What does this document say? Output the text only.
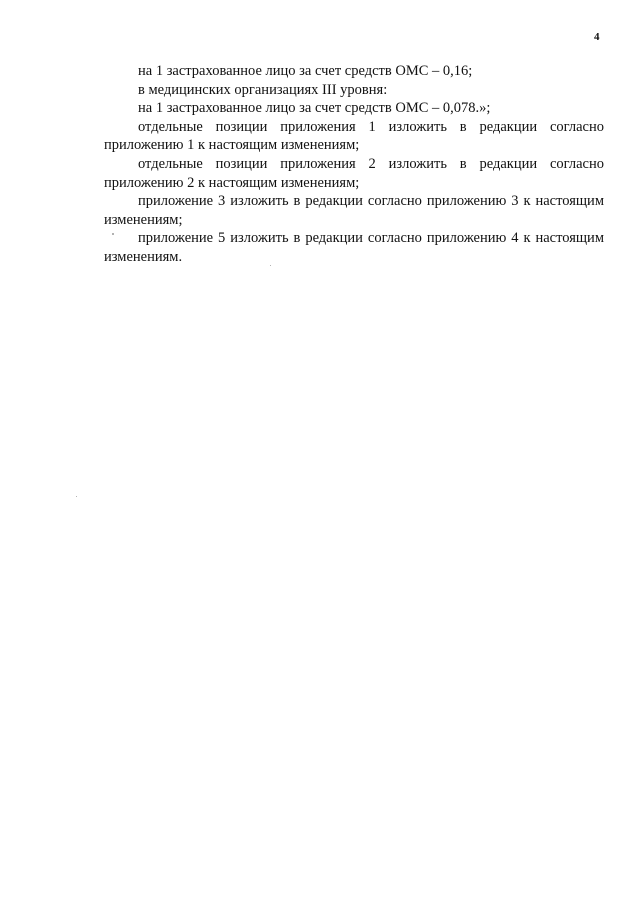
4

на 1 застрахованное лицо за счет средств ОМС – 0,16;

в медицинских организациях III уровня:

на 1 застрахованное лицо за счет средств ОМС – 0,078.»;

отдельные позиции приложения 1 изложить в редакции согласно приложению 1 к настоящим изменениям;

отдельные позиции приложения 2 изложить в редакции согласно приложению 2 к настоящим изменениям;

приложение 3 изложить в редакции согласно приложению 3 к настоящим изменениям;

приложение 5 изложить в редакции согласно приложению 4 к настоящим изменениям.
